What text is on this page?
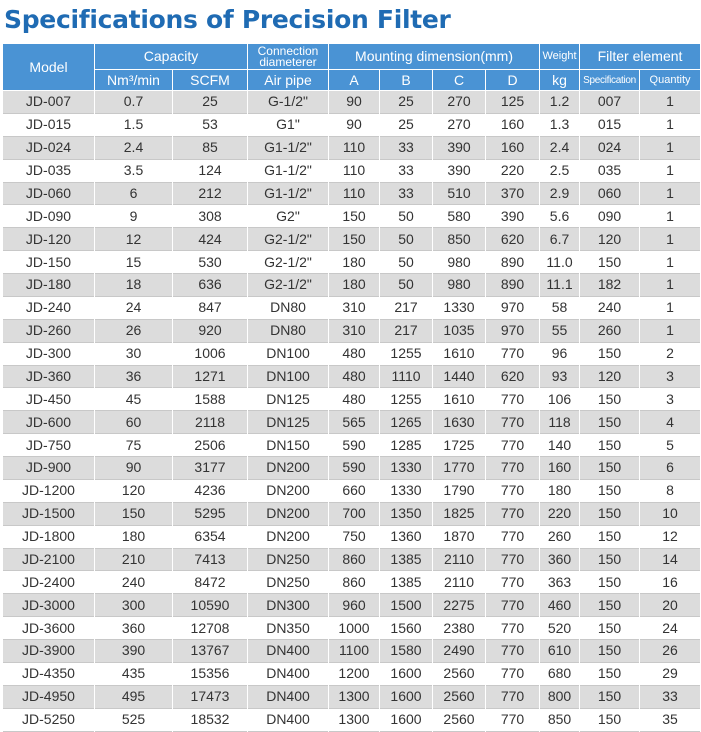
Specifications of Precision Filter
Model	Capacity		Connection diameterer	Mounting dimension(mm)				Weight	Filter element	
	Nm³/min	SCFM	Air pipe	A	B	C	D	kg	Specification	Quantity
JD-007	0.7	25	G-1/2"	90	25	270	125	1.2	007	1
JD-015	1.5	53	G1"	90	25	270	160	1.3	015	1
JD-024	2.4	85	G1-1/2"	110	33	390	160	2.4	024	1
JD-035	3.5	124	G1-1/2"	110	33	390	220	2.5	035	1
JD-060	6	212	G1-1/2"	110	33	510	370	2.9	060	1
JD-090	9	308	G2"	150	50	580	390	5.6	090	1
JD-120	12	424	G2-1/2"	150	50	850	620	6.7	120	1
JD-150	15	530	G2-1/2"	180	50	980	890	11.0	150	1
JD-180	18	636	G2-1/2"	180	50	980	890	11.1	182	1
JD-240	24	847	DN80	310	217	1330	970	58	240	1
JD-260	26	920	DN80	310	217	1035	970	55	260	1
JD-300	30	1006	DN100	480	1255	1610	770	96	150	2
JD-360	36	1271	DN100	480	1110	1440	620	93	120	3
JD-450	45	1588	DN125	480	1255	1610	770	106	150	3
JD-600	60	2118	DN125	565	1265	1630	770	118	150	4
JD-750	75	2506	DN150	590	1285	1725	770	140	150	5
JD-900	90	3177	DN200	590	1330	1770	770	160	150	6
JD-1200	120	4236	DN200	660	1330	1790	770	180	150	8
JD-1500	150	5295	DN200	700	1350	1825	770	220	150	10
JD-1800	180	6354	DN200	750	1360	1870	770	260	150	12
JD-2100	210	7413	DN250	860	1385	2110	770	360	150	14
JD-2400	240	8472	DN250	860	1385	2110	770	363	150	16
JD-3000	300	10590	DN300	960	1500	2275	770	460	150	20
JD-3600	360	12708	DN350	1000	1560	2380	770	520	150	24
JD-3900	390	13767	DN400	1100	1580	2490	770	610	150	26
JD-4350	435	15356	DN400	1200	1600	2560	770	680	150	29
JD-4950	495	17473	DN400	1300	1600	2560	770	800	150	33
JD-5250	525	18532	DN400	1300	1600	2560	770	850	150	35
